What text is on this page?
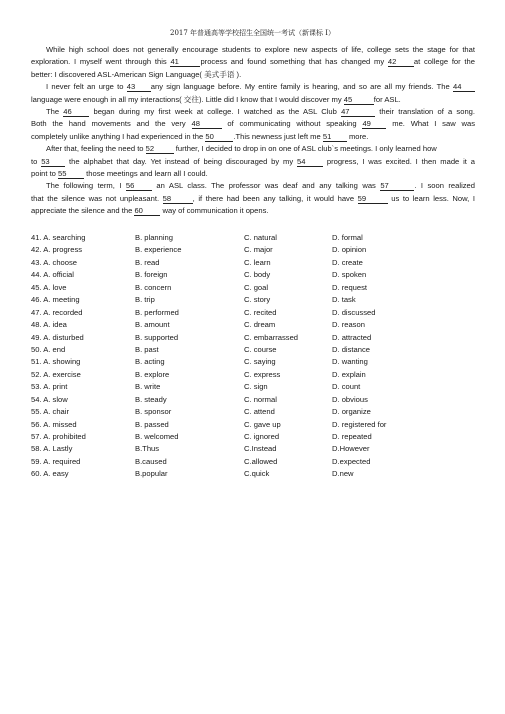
2017 年普通高等学校招生全国统一考试（新课标 Ⅰ）
While high school does not generally encourage students to explore new aspects of life, college sets the stage for that
exploration. I myself went through this 41	process and found something that has changed my 42 at college for the
better: I discovered ASL-American Sign Language( 美式手语 ).
I never felt an urge to 43 any sign language before. My entire family is hearing, and so are all my friends. The 44
language were enough in all my interactions( 交往). Little did I know that I would discover my 45	for ASL.
The 46 began during my first week at college. I watched as the ASL Club 47	their translation of a song.
Both the hand movements and the very 48	of communicating without speaking 49 me. What I saw was
completely unlike anything I had experienced in the 50	.This newness just left me 51 more.
After that, feeling the need to 52	further, I decided to drop in on one of ASL club`s meetings. I only learned how
to 53 the alphabet that day. Yet instead of being discouraged by my 54 progress, I was excited. I then made it a
point to 55 those meetings and learn all I could.
The following term, I 56 an ASL class. The professor was deaf and any talking was 57	. I soon realized
that the silence was not unpleasant. 58	, if there had been any talking, it would have 59	us to learn less. Now, I
appreciate the silence and the 60 way of communication it opens.
41. A. searching	B. planning	C. natural	D. formal
42. A. progress	B. experience	C. major	D. opinion
43. A. choose	B. read	C. learn	D. create
44. A. official	B. foreign	C. body	D. spoken
45. A. love	B. concern	C. goal	D. request
46. A. meeting	B. trip	C. story	D. task
47. A. recorded	B. performed	C. recited	D. discussed
48. A. idea	B. amount	C. dream	D. reason
49. A. disturbed	B. supported	C. embarrassed	D. attracted
50. A. end	B. past	C. course	D. distance
51. A. showing	B. acting	C. saying	D. wanting
52. A. exercise	B. explore	C. express	D. explain
53. A. print	B. write	C. sign	D. count
54. A. slow	B. steady	C. normal	D. obvious
55. A. chair	B. sponsor	C. attend	D. organize
56. A. missed	B. passed	C. gave up	D. registered for
57. A. prohibited	B. welcomed	C. ignored	D. repeated
58. A. Lastly	B.Thus	C.Instead	D.However
59. A. required	B.caused	C.allowed	D.expected
60. A. easy	B.popular	C.quick	D.new
